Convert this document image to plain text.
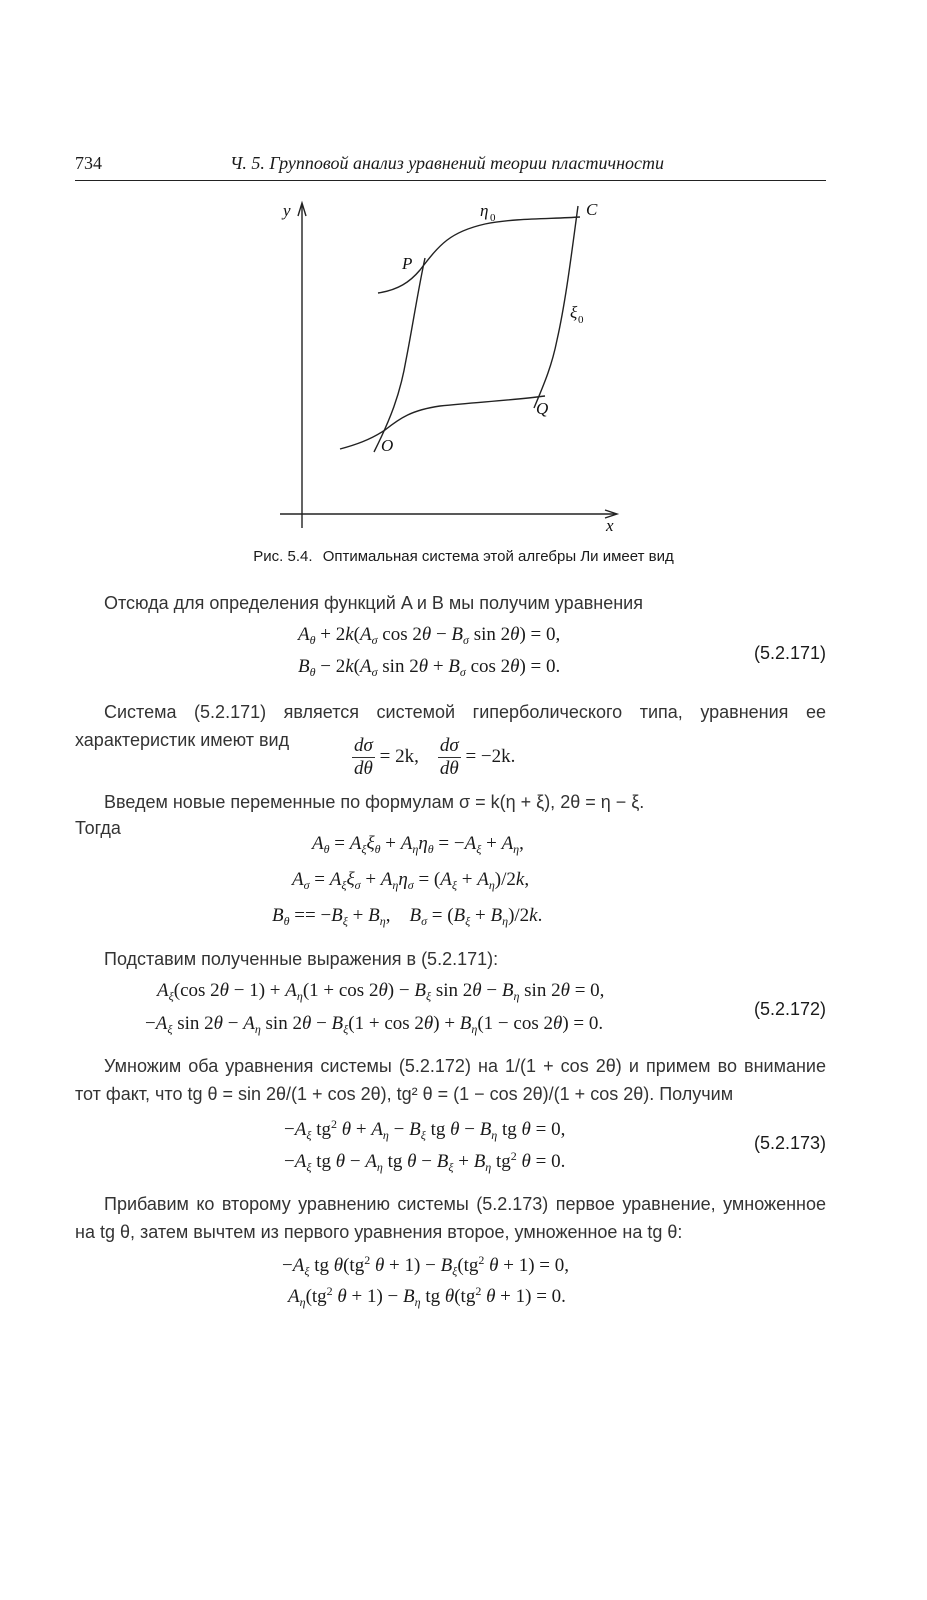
734	Ч. 5. Групповой анализ уравнений теории пластичности
y
x
η 0	C
P
ξ 0
Q
O
Рис. 5.4. Оптимальная система этой алгебры Ли имеет вид
Отсюда для определения функций A и B мы получим уравнения
$A_\theta + 2k(A_\sigma$ $\cos 2\theta - B_\sigma$ sin 2θ) = 0,
$B_\theta - 2k(A_\sigma$ $\sin 2\theta + B_\sigma$ cos 2θ) = 0.
(5.2.171)
Система (5.2.171) является системой гиперболического типа, уравнения ее характеристик имеют вид	$\frac{d\sigma}{d\theta} = 2k$, $\frac{d\sigma}{d\theta} = -2k$.
Введем новые переменные по формулам σ = k(η + ξ), 2θ = η − ξ.
Тогда
$A_\theta = A_\xi\xi_\theta + A_\eta\eta_\theta = -A_\xi + A_\eta$,
$A_\sigma = A_\xi\xi_\sigma + A_\eta\eta_\sigma = (A_\xi + A_\eta)/2k$,
$B_\theta == -B_\xi + B_\eta$,    $B_\sigma = (B_\xi + B_\eta)/2k$.
Подставим полученные выражения в (5.2.171):
$A_\xi(\cos$ $2\theta - 1) + A_\eta(1 + \cos 2\theta) - B_\xi$ $\sin 2\theta - B_\eta$ sin 2θ = 0,
$-A_\xi$ $\sin 2\theta - A_\eta$ $\sin 2\theta - B_\xi(1 + \cos 2\theta) + B_\eta(1 - \cos 2\theta) = 0$.
(5.2.172)
Умножим оба уравнения системы (5.2.172) на 1/(1 + cos 2θ) и примем во внимание тот факт, что tg θ = sin 2θ/(1 + cos 2θ), tg² θ = (1 − cos 2θ)/(1 + cos 2θ). Получим
$-A_\xi$ $tg^2$ $\theta + A_\eta - B_\xi$ tg $\theta - B_\eta$ tg θ = 0,
$-A_\xi$ tg $\theta - A_\eta$ tg $\theta - B_\xi + B_\eta$ $tg^2$ θ = 0.
(5.2.173)
Прибавим ко второму уравнению системы (5.2.173) первое уравнение, умноженное на tg θ, затем вычтем из первого уравнения второе, умноженное на tg θ:
$-A_\xi$ tg $\theta(tg^2$ $\theta + 1) - B_\xi(tg^2$ θ + 1) = 0,
$A_\eta(tg^2$ $\theta + 1) - B_\eta$ tg $\theta(tg^2$ θ + 1) = 0.
